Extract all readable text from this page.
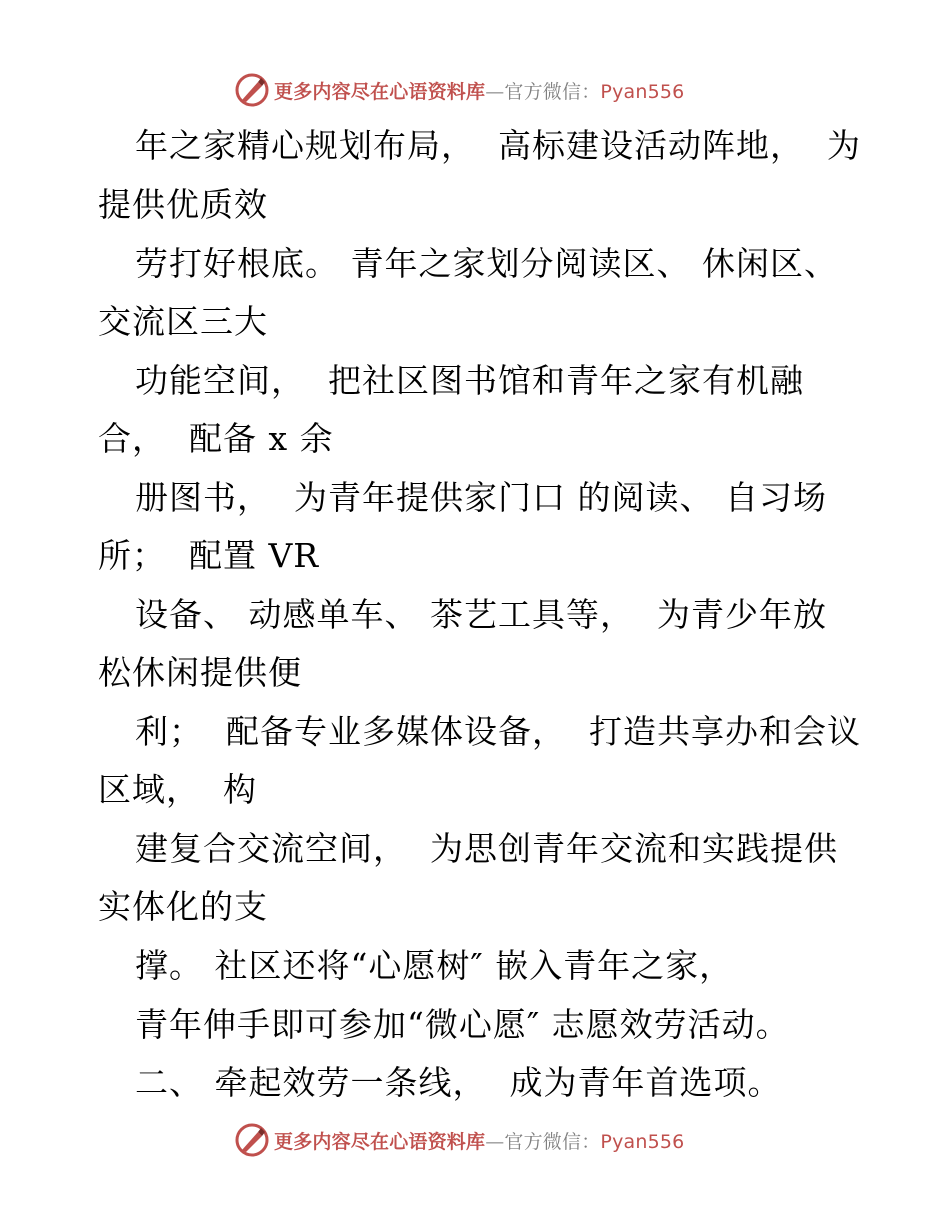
更多内容尽在心语资料库—官方微信：Pyan556
年之家精心规划布局，  高标建设活动阵地，  为
提供优质效
劳打好根底。 青年之家划分阅读区、 休闲区、
交流区三大
功能空间，  把社区图书馆和青年之家有机融
合，  配备 x 余
册图书，  为青年提供家门口 的阅读、 自习场
所；  配置 VR
设备、 动感单车、 茶艺工具等，  为青少年放
松休闲提供便
利；  配备专业多媒体设备，  打造共享办和会议
区域，  构
建复合交流空间，  为思创青年交流和实践提供
实体化的支
撑。 社区还将“心愿树″ 嵌入青年之家，
青年伸手即可参加“微心愿″ 志愿效劳活动。
二、 牵起效劳一条线，  成为青年首选项。
更多内容尽在心语资料库—官方微信：Pyan556
